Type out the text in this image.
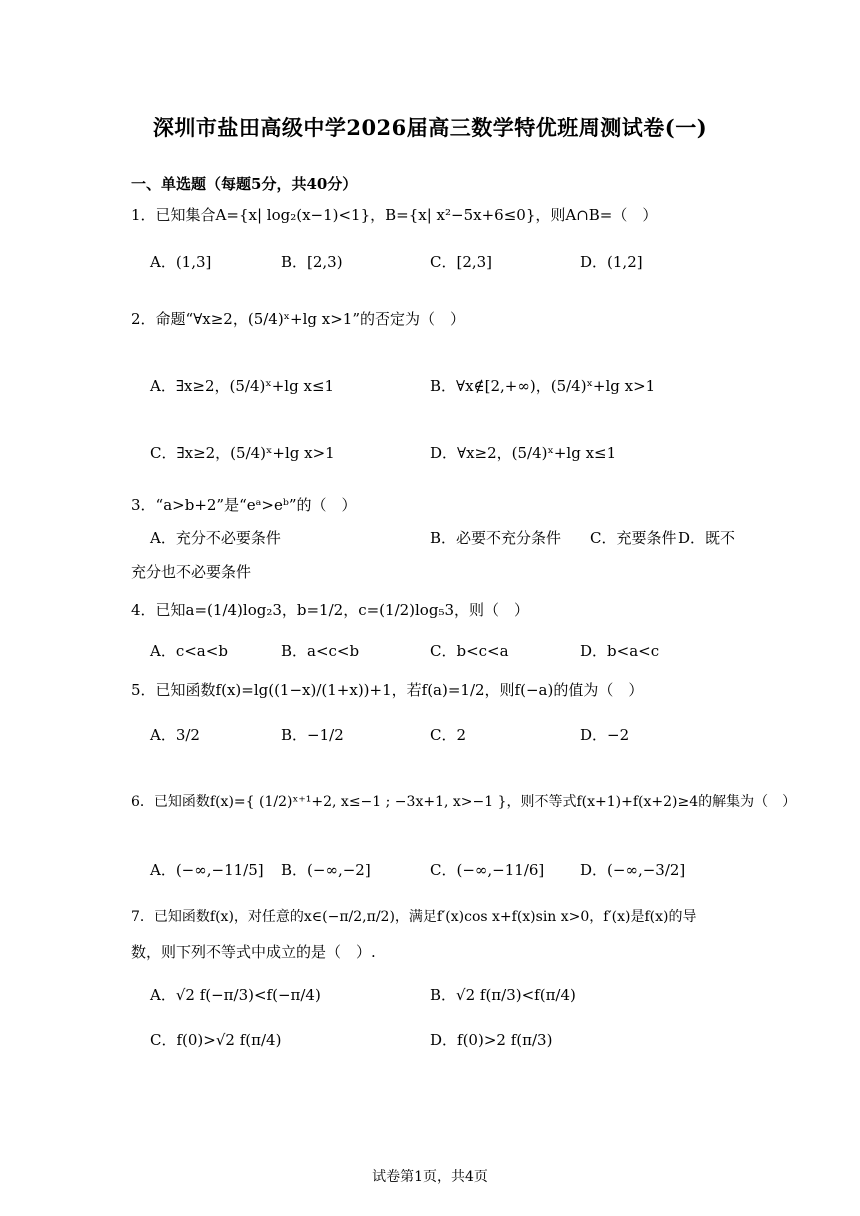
深圳市盐田高级中学2026届高三数学特优班周测试卷(一)
一、单选题（每题5分，共40分）
1．已知集合A={x| log₂(x−1)<1}，B={x| x²−5x+6≤0}，则A∩B=（　）
A．(1,3]	B．[2,3)	C．[2,3]	D．(1,2]
2．命题“∀x≥2，(5/4)ˣ+lg x>1”的否定为（　）
A．∃x≥2，(5/4)ˣ+lg x≤1	B．∀x∉[2,+∞)，(5/4)ˣ+lg x>1
C．∃x≥2，(5/4)ˣ+lg x>1	D．∀x≥2，(5/4)ˣ+lg x≤1
3．“a>b+2”是“eᵃ>eᵇ”的（　）
A．充分不必要条件	B．必要不充分条件 C．充要条件 D．既不
充分也不必要条件
4．已知a=(1/4)log₂3，b=1/2，c=(1/2)log₅3，则（　）
A．c<a<b	B．a<c<b	C．b<c<a	D．b<a<c
5．已知函数f(x)=lg((1−x)/(1+x))+1，若f(a)=1/2，则f(−a)的值为（　）
A．3/2	B．−1/2	C．2	D．−2
6．已知函数f(x)={ (1/2)ˣ⁺¹+2, x≤−1 ; −3x+1, x>−1 }，则不等式f(x+1)+f(x+2)≥4的解集为（　）
A．(−∞,−11/5] B．(−∞,−2]	C．(−∞,−11/6] D．(−∞,−3/2]
7．已知函数f(x)，对任意的x∈(−π/2,π/2)，满足f′(x)cos x+f(x)sin x>0，f′(x)是f(x)的导
数，则下列不等式中成立的是（　）.
A．√2 f(−π/3)<f(−π/4)	B．√2 f(π/3)<f(π/4)
C．f(0)>√2 f(π/4)	D．f(0)>2 f(π/3)
试卷第1页，共4页
